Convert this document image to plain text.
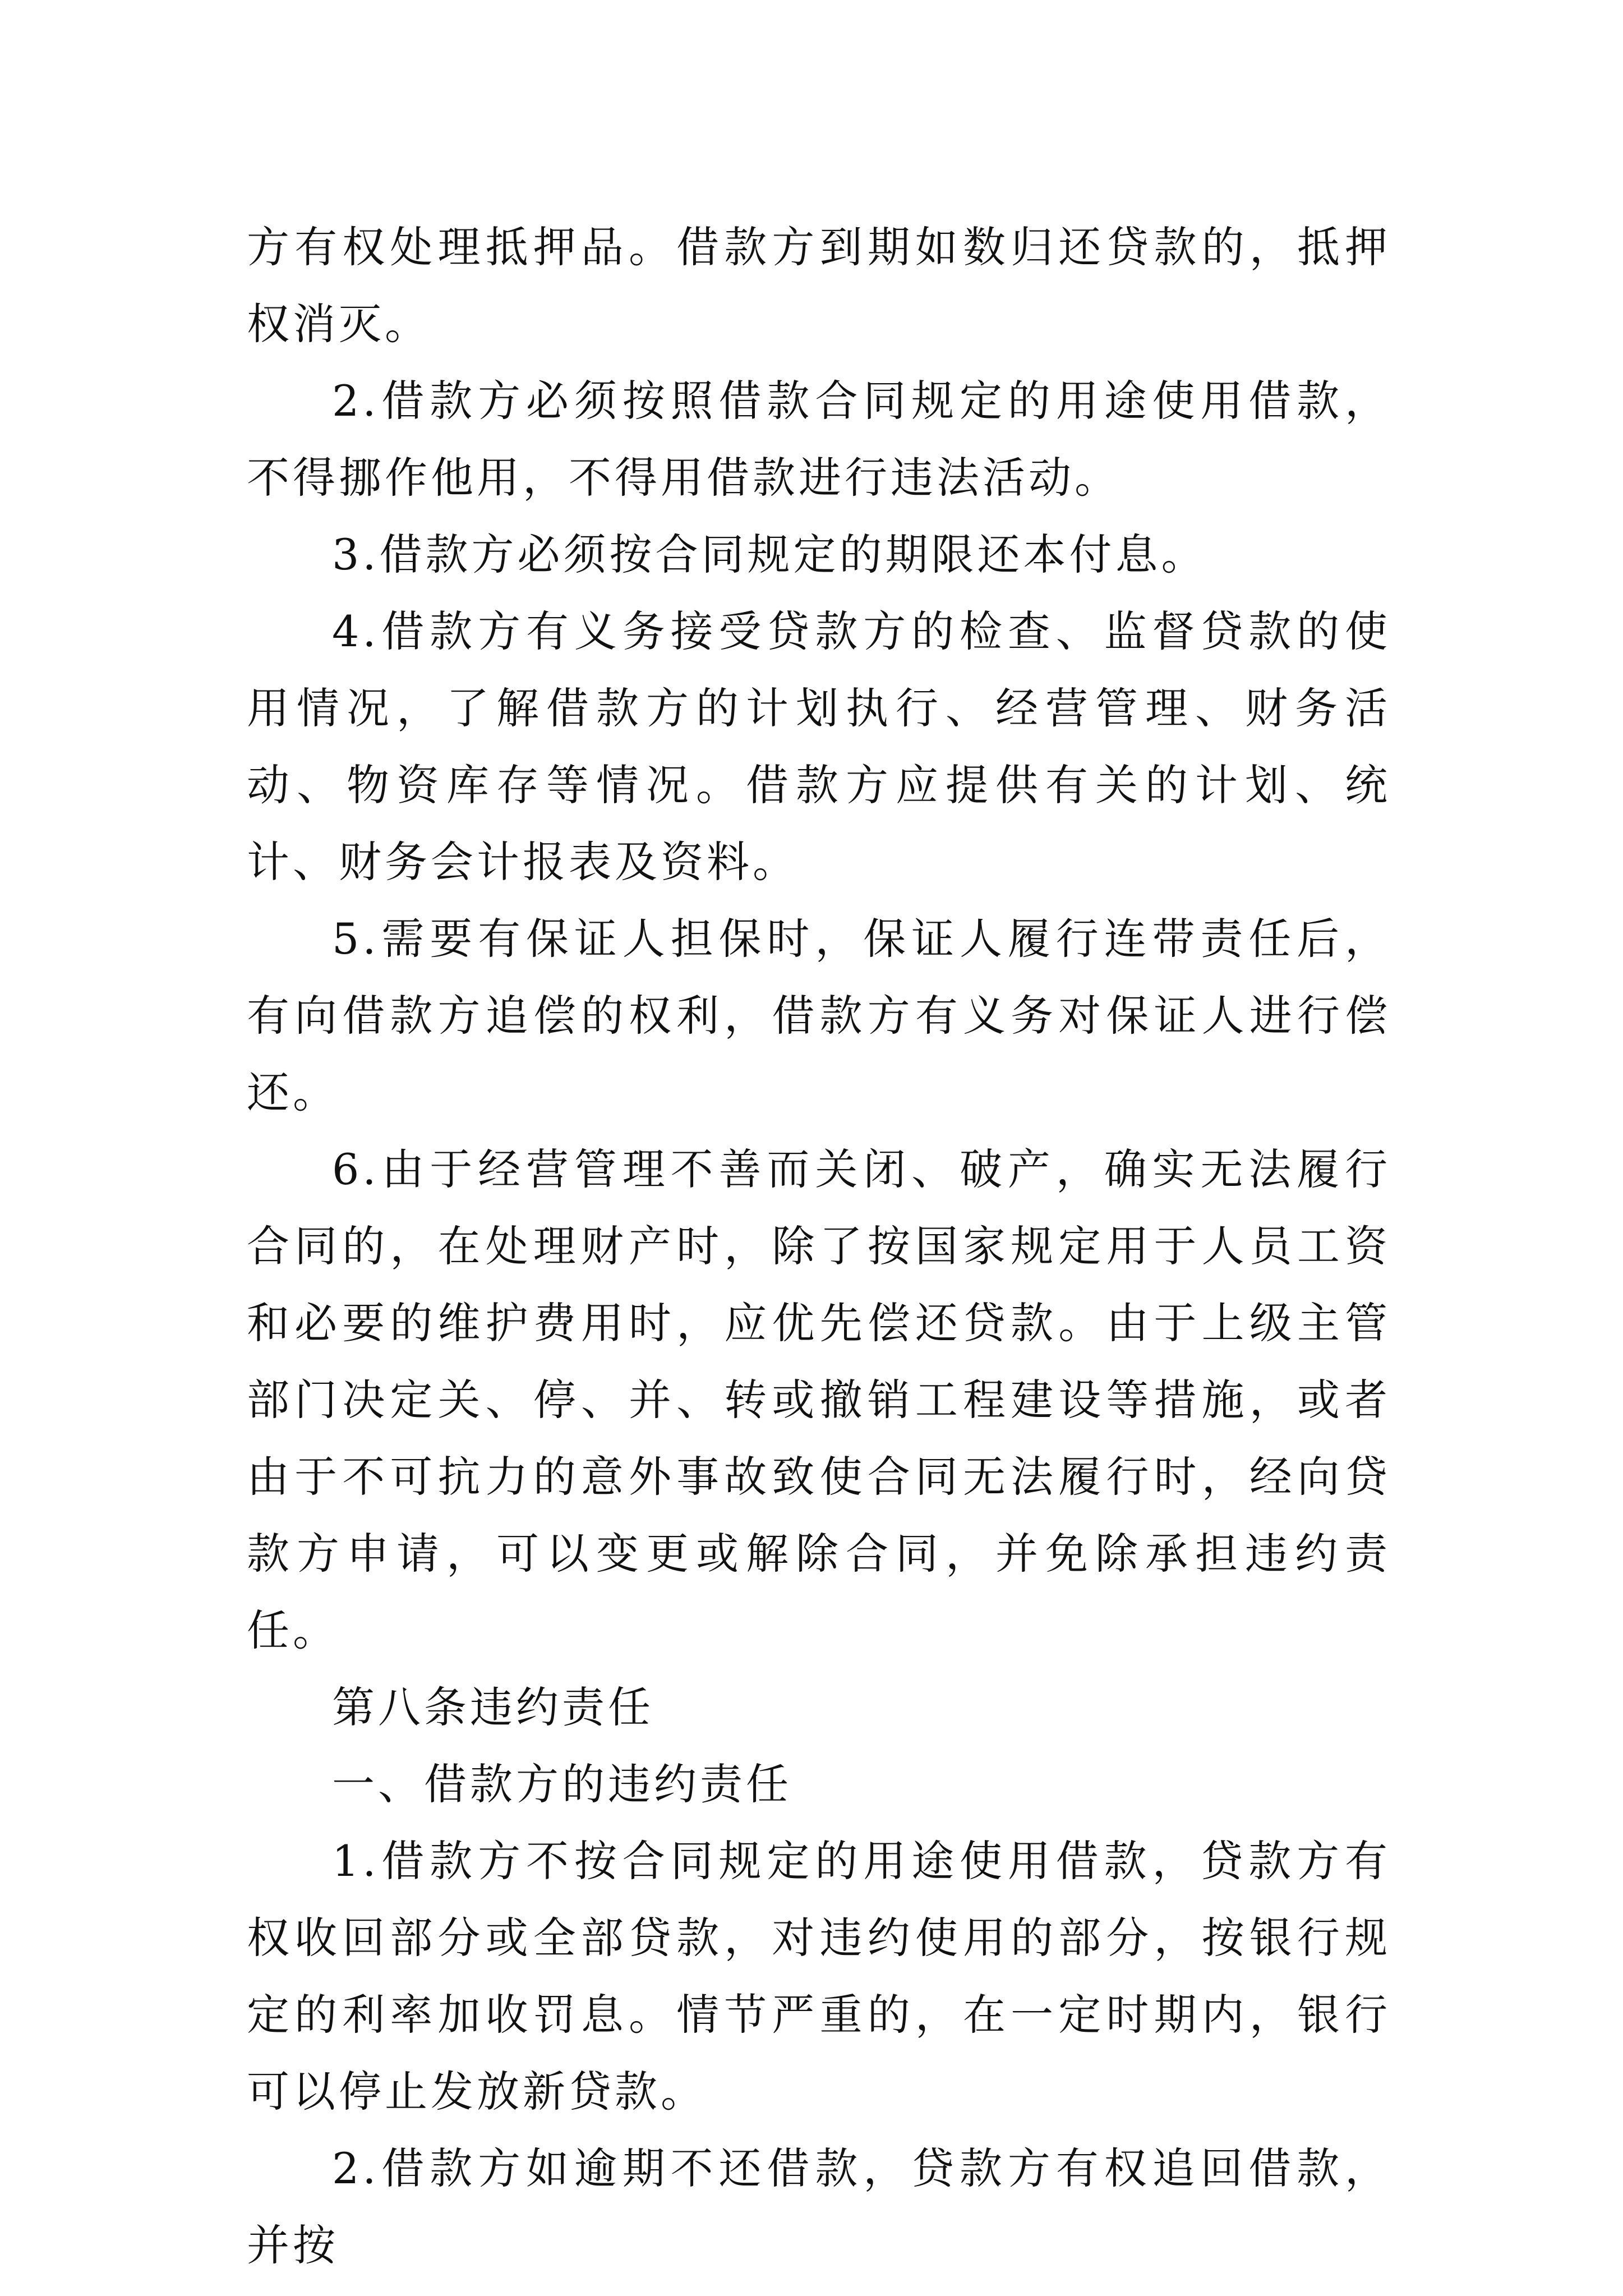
方有权处理抵押品。借款方到期如数归还贷款的，抵押权消灭。

2.借款方必须按照借款合同规定的用途使用借款，不得挪作他用，不得用借款进行违法活动。

3.借款方必须按合同规定的期限还本付息。

4.借款方有义务接受贷款方的检查、监督贷款的使用情况，了解借款方的计划执行、经营管理、财务活动、物资库存等情况。借款方应提供有关的计划、统计、财务会计报表及资料。

5.需要有保证人担保时，保证人履行连带责任后，有向借款方追偿的权利，借款方有义务对保证人进行偿还。

6.由于经营管理不善而关闭、破产，确实无法履行合同的，在处理财产时，除了按国家规定用于人员工资和必要的维护费用时，应优先偿还贷款。由于上级主管部门决定关、停、并、转或撤销工程建设等措施，或者由于不可抗力的意外事故致使合同无法履行时，经向贷款方申请，可以变更或解除合同，并免除承担违约责任。

第八条违约责任

一、借款方的违约责任

1.借款方不按合同规定的用途使用借款，贷款方有权收回部分或全部贷款，对违约使用的部分，按银行规定的利率加收罚息。情节严重的，在一定时期内，银行可以停止发放新贷款。

2.借款方如逾期不还借款，贷款方有权追回借款，并按
